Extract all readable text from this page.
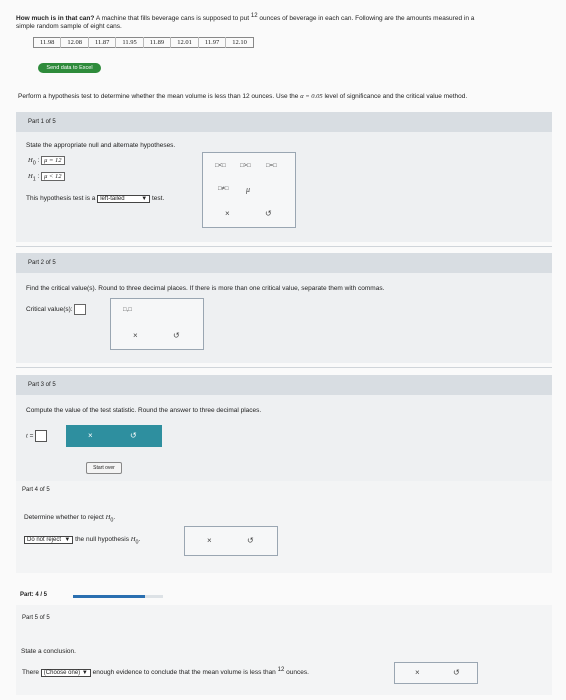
How much is in that can? A machine that fills beverage cans is supposed to put 12 ounces of beverage in each can. Following are the amounts measured in a
simple random sample of eight cans.
11.98	12.08	11.87	11.95	11.89	12.01	11.97	12.10
Send data to Excel
Perform a hypothesis test to determine whether the mean volume is less than 12 ounces. Use the α = 0.05 level of significance and the critical value method.
Part 1 of 5
State the appropriate null and alternate hypotheses.
$H_0$ : μ = 12
$H_1$ : μ < 12
This hypothesis test is a left-tailed	▼ test.
□<□ □>□	□=□
□≠□ μ
×	↺
Part 2 of 5
Find the critical value(s). Round to three decimal places. If there is more than one critical value, separate them with commas.
Critical value(s):	□,□
×	↺
Part 3 of 5
Compute the value of the test statistic. Round the answer to three decimal places.
t =	×	↺
Start over
Part 4 of 5
Determine whether to reject $H_0$.
Do not reject ▼ the null hypothesis $H_0$.	×	↺
Part: 4 / 5
Part 5 of 5
State a conclusion.
There (Choose one) ▼ enough evidence to conclude that the mean volume is less than 12 ounces.	×	↺
